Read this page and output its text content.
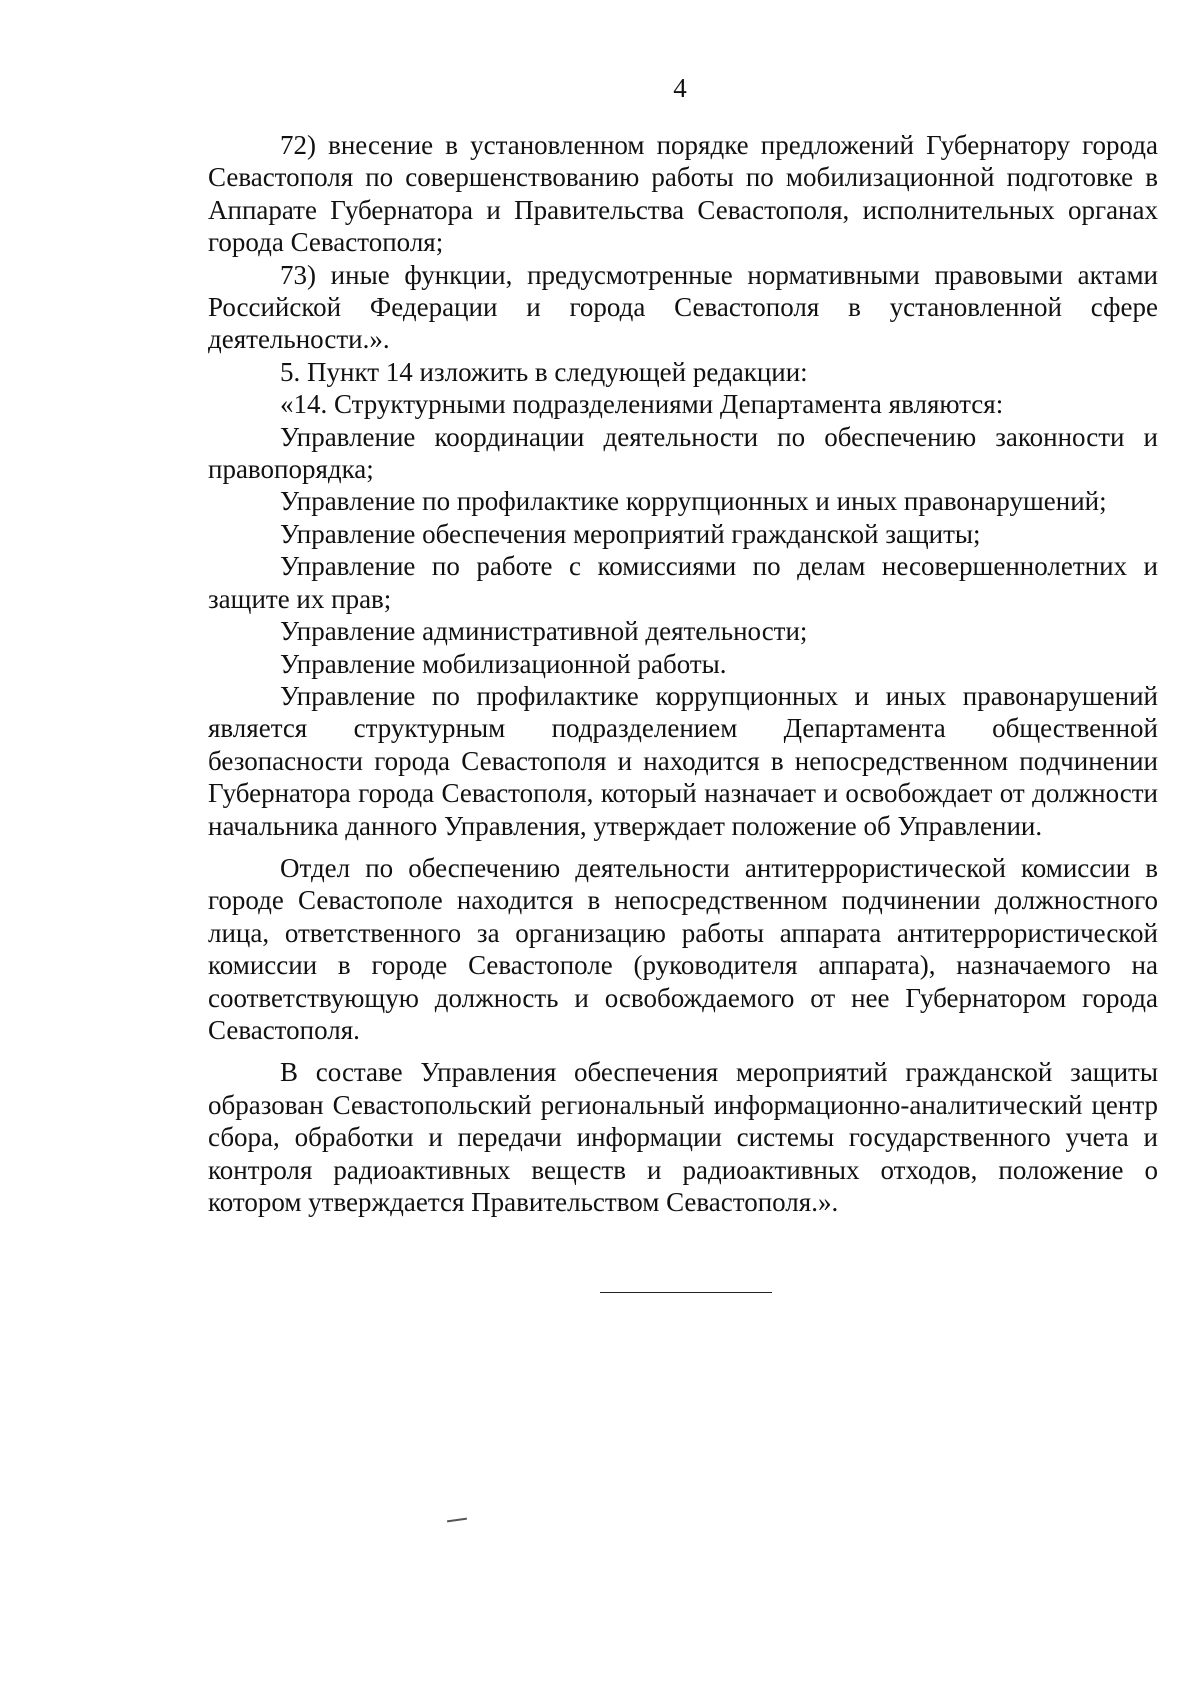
4

72) внесение в установленном порядке предложений Губернатору города Севастополя по совершенствованию работы по мобилизационной подготовке в Аппарате Губернатора и Правительства Севастополя, исполнительных органах города Севастополя;

73) иные функции, предусмотренные нормативными правовыми актами Российской Федерации и города Севастополя в установленной сфере деятельности.».

5. Пункт 14 изложить в следующей редакции:

«14. Структурными подразделениями Департамента являются:

Управление координации деятельности по обеспечению законности и правопорядка;

Управление по профилактике коррупционных и иных правонарушений;

Управление обеспечения мероприятий гражданской защиты;

Управление по работе с комиссиями по делам несовершеннолетних и защите их прав;

Управление административной деятельности;

Управление мобилизационной работы.

Управление по профилактике коррупционных и иных правонарушений является структурным подразделением Департамента общественной безопасности города Севастополя и находится в непосредственном подчинении Губернатора города Севастополя, который назначает и освобождает от должности начальника данного Управления, утверждает положение об Управлении.

Отдел по обеспечению деятельности антитеррористической комиссии в городе Севастополе находится в непосредственном подчинении должностного лица, ответственного за организацию работы аппарата антитеррористической комиссии в городе Севастополе (руководителя аппарата), назначаемого на соответствующую должность и освобождаемого от нее Губернатором города Севастополя.

В составе Управления обеспечения мероприятий гражданской защиты образован Севастопольский региональный информационно-аналитический центр сбора, обработки и передачи информации системы государственного учета и контроля радиоактивных веществ и радиоактивных отходов, положение о котором утверждается Правительством Севастополя.».
